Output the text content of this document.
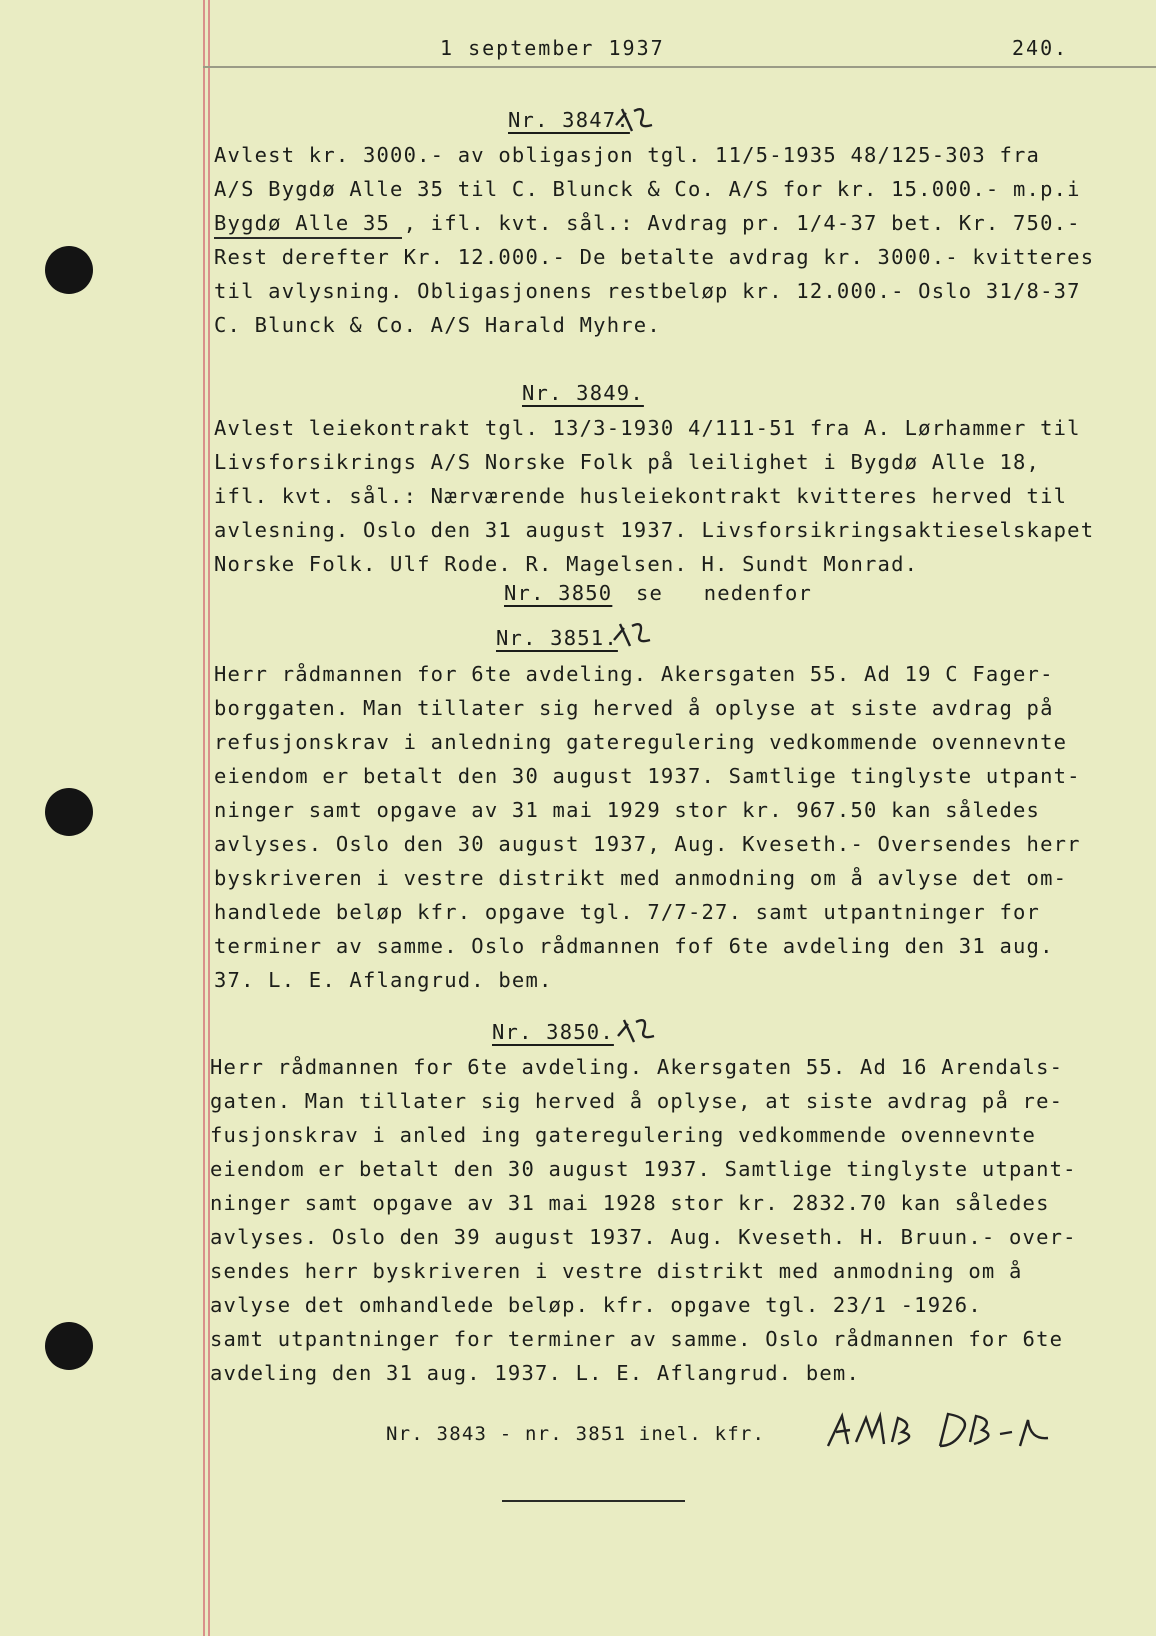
1 september 1937	240.
Nr. 3847.
Avlest kr. 3000.- av obligasjon tgl. 11/5-1935 48/125-303 fra
A/S Bygdø Alle 35 til C. Blunck & Co. A/S for kr. 15.000.- m.p.i
Bygdø Alle 35 , ifl. kvt. sål.: Avdrag pr. 1/4-37 bet. Kr. 750.-
Rest derefter Kr. 12.000.- De betalte avdrag kr. 3000.- kvitteres
til avlysning. Obligasjonens restbeløp kr. 12.000.- Oslo 31/8-37
C. Blunck & Co. A/S Harald Myhre.
Nr. 3849.
Avlest leiekontrakt tgl. 13/3-1930 4/111-51 fra A. Lørhammer til
Livsforsikrings A/S Norske Folk på leilighet i Bygdø Alle 18,
ifl. kvt. sål.: Nærværende husleiekontrakt kvitteres herved til
avlesning. Oslo den 31 august 1937. Livsforsikringsaktieselskapet
Norske Folk. Ulf Rode. R. Magelsen. H. Sundt Monrad.
Nr. 3850 se   nedenfor
Nr. 3851.
Herr rådmannen for 6te avdeling. Akersgaten 55. Ad 19 C Fager-
borggaten. Man tillater sig herved å oplyse at siste avdrag på
refusjonskrav i anledning gateregulering vedkommende ovennevnte
eiendom er betalt den 30 august 1937. Samtlige tinglyste utpant-
ninger samt opgave av 31 mai 1929 stor kr. 967.50 kan således
avlyses. Oslo den 30 august 1937, Aug. Kveseth.- Oversendes herr
byskriveren i vestre distrikt med anmodning om å avlyse det om-
handlede beløp kfr. opgave tgl. 7/7-27. samt utpantninger for
terminer av samme. Oslo rådmannen fof 6te avdeling den 31 aug.
37. L. E. Aflangrud. bem.
Nr. 3850.
Herr rådmannen for 6te avdeling. Akersgaten 55. Ad 16 Arendals-
gaten. Man tillater sig herved å oplyse, at siste avdrag på re-
fusjonskrav i anled ing gateregulering vedkommende ovennevnte
eiendom er betalt den 30 august 1937. Samtlige tinglyste utpant-
ninger samt opgave av 31 mai 1928 stor kr. 2832.70 kan således
avlyses. Oslo den 39 august 1937. Aug. Kveseth. H. Bruun.- over-
sendes herr byskriveren i vestre distrikt med anmodning om å
avlyse det omhandlede beløp. kfr. opgave tgl. 23/1 -1926.
samt utpantninger for terminer av samme. Oslo rådmannen for 6te
avdeling den 31 aug. 1937. L. E. Aflangrud. bem.
Nr. 3843 - nr. 3851 inel. kfr.
